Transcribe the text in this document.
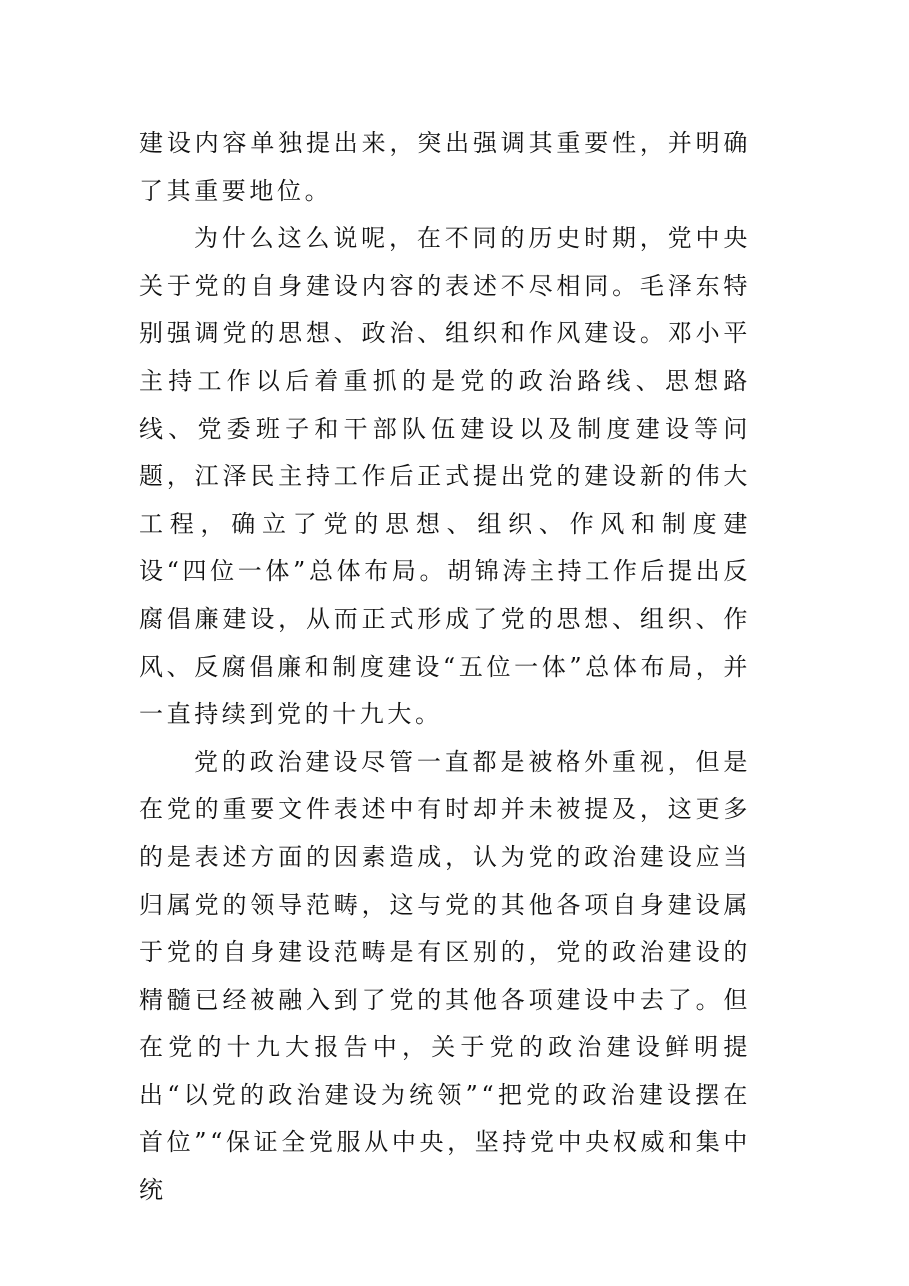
建设内容单独提出来，突出强调其重要性，并明确了其重要地位。

为什么这么说呢，在不同的历史时期，党中央关于党的自身建设内容的表述不尽相同。毛泽东特别强调党的思想、政治、组织和作风建设。邓小平主持工作以后着重抓的是党的政治路线、思想路线、党委班子和干部队伍建设以及制度建设等问题，江泽民主持工作后正式提出党的建设新的伟大工程，确立了党的思想、组织、作风和制度建设“四位一体”总体布局。胡锦涛主持工作后提出反腐倡廉建设，从而正式形成了党的思想、组织、作风、反腐倡廉和制度建设“五位一体”总体布局，并一直持续到党的十九大。

党的政治建设尽管一直都是被格外重视，但是在党的重要文件表述中有时却并未被提及，这更多的是表述方面的因素造成，认为党的政治建设应当归属党的领导范畴，这与党的其他各项自身建设属于党的自身建设范畴是有区别的，党的政治建设的精髓已经被融入到了党的其他各项建设中去了。但在党的十九大报告中，关于党的政治建设鲜明提出“以党的政治建设为统领”“把党的政治建设摆在首位”“保证全党服从中央，坚持党中央权威和集中统
